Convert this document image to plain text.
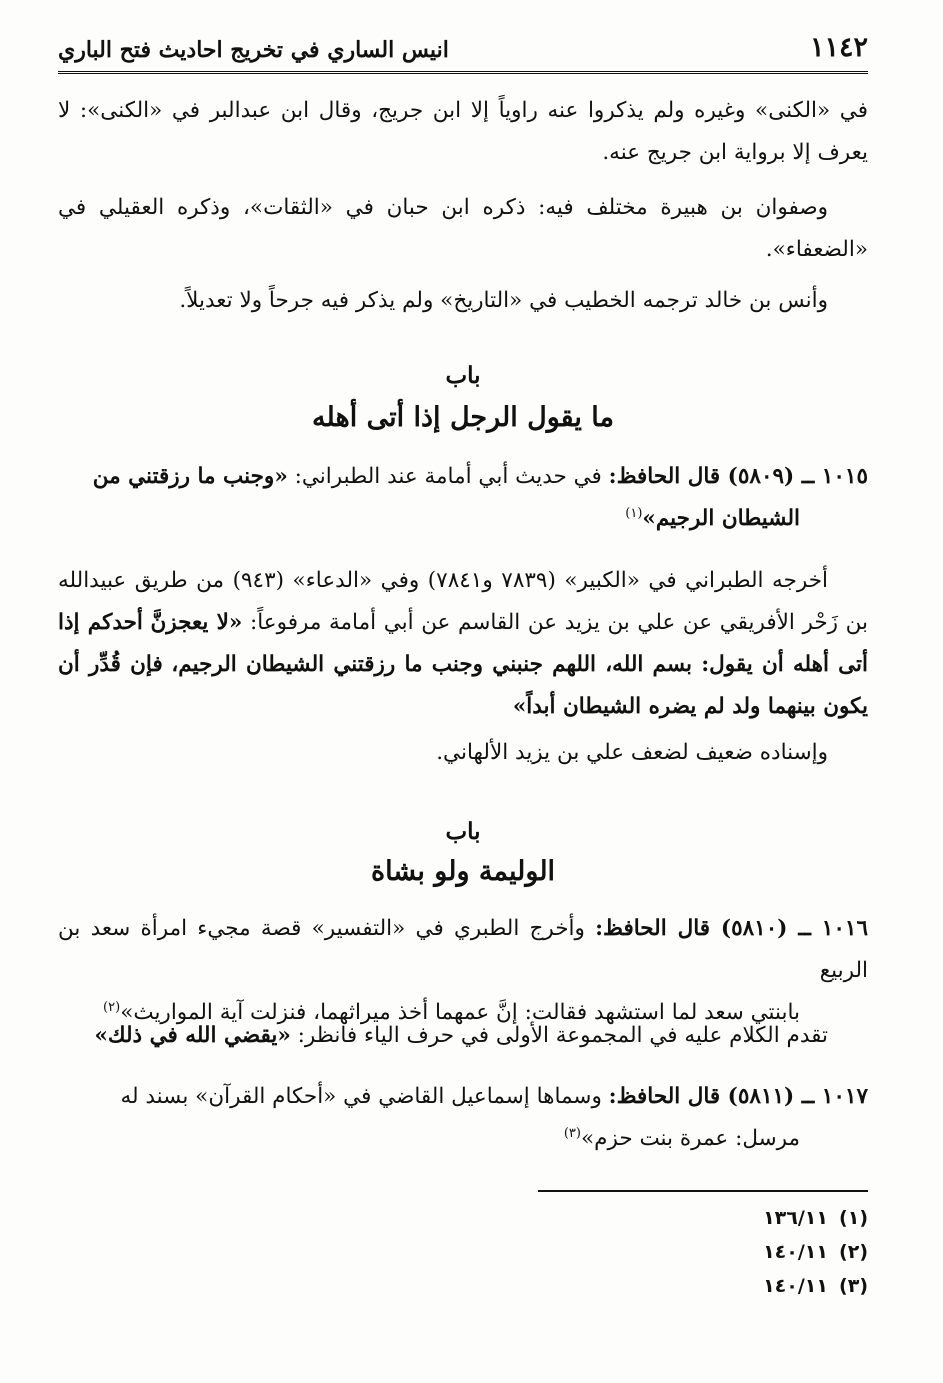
١١٤٢
انيس الساري في تخريج احاديث فتح الباري

في «الكنى» وغيره ولم يذكروا عنه راوياً إلا ابن جريج، وقال ابن عبدالبر في «الكنى»: لا يعرف إلا برواية ابن جريج عنه.

وصفوان بن هبيرة مختلف فيه: ذكره ابن حبان في «الثقات»، وذكره العقيلي في «الضعفاء».

وأنس بن خالد ترجمه الخطيب في «التاريخ» ولم يذكر فيه جرحاً ولا تعديلاً.

باب
ما يقول الرجل إذا أتى أهله

١٠١٥ ــ (٥٨٠٩) قال الحافظ: في حديث أبي أمامة عند الطبراني: «وجنب ما رزقتني من
الشيطان الرجيم»$^{(١)}$

أخرجه الطبراني في «الكبير» (٧٨٣٩ و٧٨٤١) وفي «الدعاء» (٩٤٣) من طريق عبيدالله بن زَحْر الأفريقي عن علي بن يزيد عن القاسم عن أبي أمامة مرفوعاً: «لا يعجزنَّ أحدكم إذا أتى أهله أن يقول: بسم الله، اللهم جنبني وجنب ما رزقتني الشيطان الرجيم، فإن قُدِّر أن يكون بينهما ولد لم يضره الشيطان أبداً»

وإسناده ضعيف لضعف علي بن يزيد الألهاني.

باب
الوليمة ولو بشاة

١٠١٦ ــ (٥٨١٠) قال الحافظ: وأخرج الطبري في «التفسير» قصة مجيء امرأة سعد بن الربيع
بابنتي سعد لما استشهد فقالت: إنَّ عمهما أخذ ميراثهما، فنزلت آية المواريث»$^{(٢)}$

تقدم الكلام عليه في المجموعة الأولى في حرف الياء فانظر: «يقضي الله في ذلك»

١٠١٧ ــ (٥٨١١) قال الحافظ: وسماها إسماعيل القاضي في «أحكام القرآن» بسند له
مرسل: عمرة بنت حزم»$^{(٣)}$

(١)١٣٦/١١
(٢)١٤٠/١١
(٣)١٤٠/١١
